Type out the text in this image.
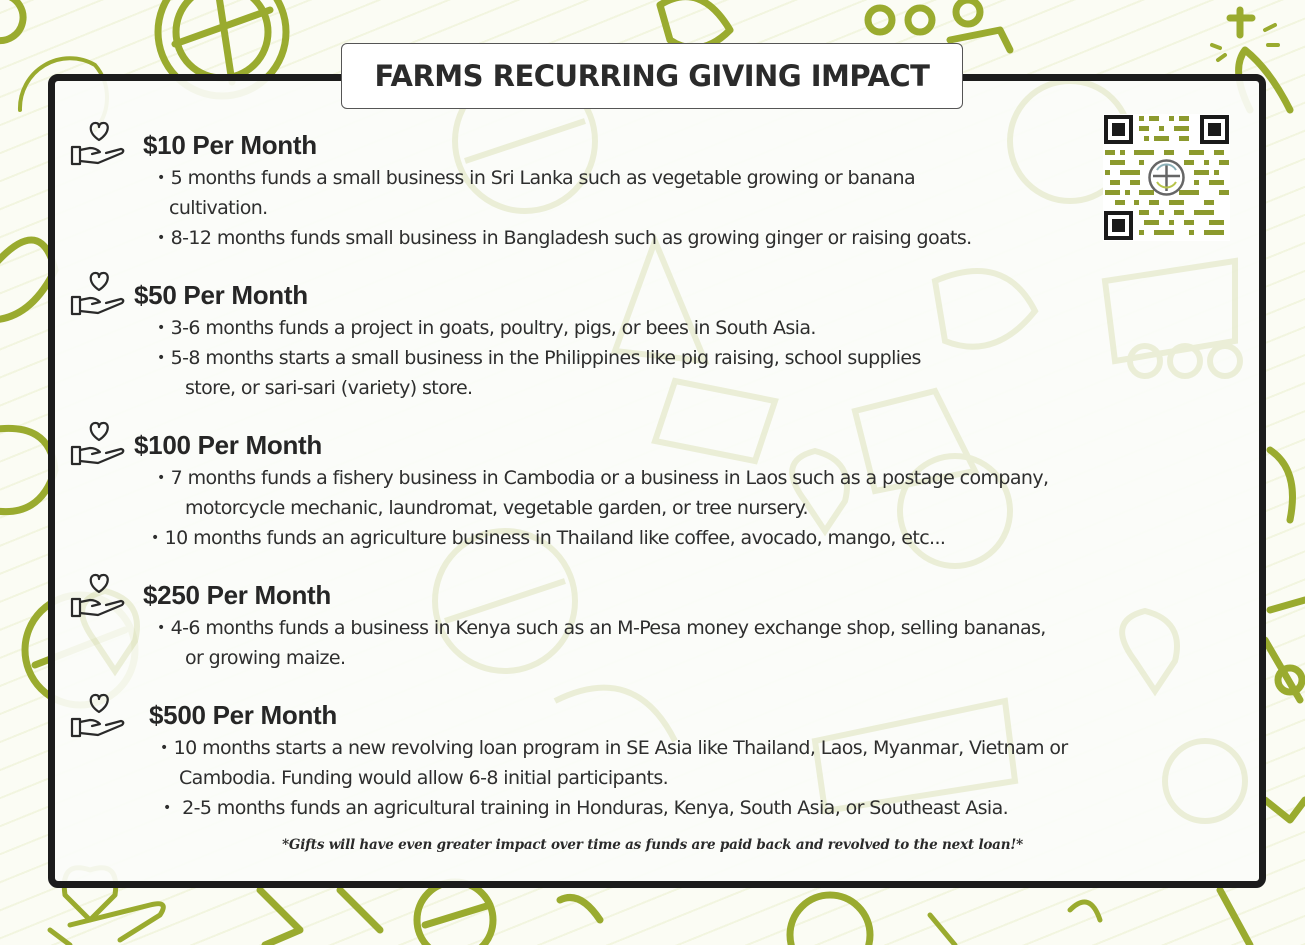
FARMS RECURRING GIVING IMPACT
$10 Per Month
• 5 months funds a small business in Sri Lanka such as vegetable growing or banana
cultivation.
• 8-12 months funds small business in Bangladesh such as growing ginger or raising goats.
$50 Per Month
• 3-6 months funds a project in goats, poultry, pigs, or bees in South Asia.
• 5-8 months starts a small business in the Philippines like pig raising, school supplies
store, or sari-sari (variety) store.
$100 Per Month
• 7 months funds a fishery business in Cambodia or a business in Laos such as a postage company,
motorcycle mechanic, laundromat, vegetable garden, or tree nursery.
• 10 months funds an agriculture business in Thailand like coffee, avocado, mango, etc...
$250 Per Month
• 4-6 months funds a business in Kenya such as an M-Pesa money exchange shop, selling bananas,
or growing maize.
$500 Per Month
• 10 months starts a new revolving loan program in SE Asia like Thailand, Laos, Myanmar, Vietnam or
Cambodia. Funding would allow 6-8 initial participants.
• 2-5 months funds an agricultural training in Honduras, Kenya, South Asia, or Southeast Asia.
*Gifts will have even greater impact over time as funds are paid back and revolved to the next loan!*
